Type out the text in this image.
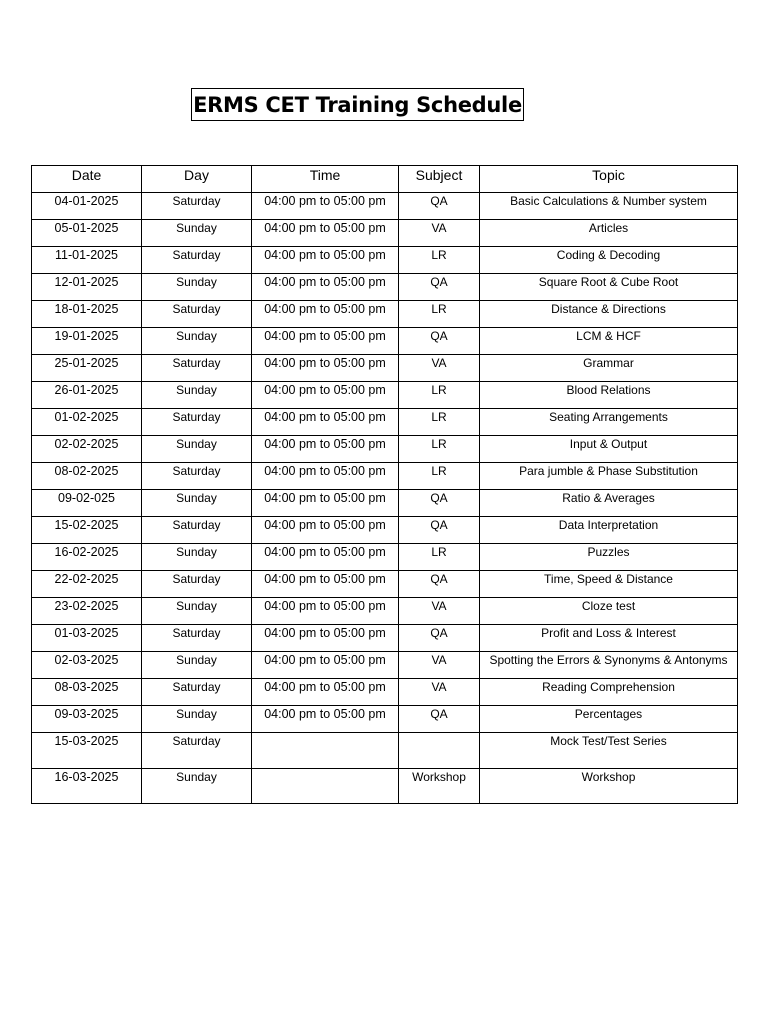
ERMS CET Training Schedule
Date	Day	Time	Subject	Topic
04-01-2025	Saturday	04:00 pm to 05:00 pm	QA	Basic Calculations & Number system
05-01-2025	Sunday	04:00 pm to 05:00 pm	VA	Articles
11-01-2025	Saturday	04:00 pm to 05:00 pm	LR	Coding & Decoding
12-01-2025	Sunday	04:00 pm to 05:00 pm	QA	Square Root & Cube Root
18-01-2025	Saturday	04:00 pm to 05:00 pm	LR	Distance & Directions
19-01-2025	Sunday	04:00 pm to 05:00 pm	QA	LCM & HCF
25-01-2025	Saturday	04:00 pm to 05:00 pm	VA	Grammar
26-01-2025	Sunday	04:00 pm to 05:00 pm	LR	Blood Relations
01-02-2025	Saturday	04:00 pm to 05:00 pm	LR	Seating Arrangements
02-02-2025	Sunday	04:00 pm to 05:00 pm	LR	Input & Output
08-02-2025	Saturday	04:00 pm to 05:00 pm	LR	Para jumble & Phase Substitution
09-02-025	Sunday	04:00 pm to 05:00 pm	QA	Ratio & Averages
15-02-2025	Saturday	04:00 pm to 05:00 pm	QA	Data Interpretation
16-02-2025	Sunday	04:00 pm to 05:00 pm	LR	Puzzles
22-02-2025	Saturday	04:00 pm to 05:00 pm	QA	Time, Speed & Distance
23-02-2025	Sunday	04:00 pm to 05:00 pm	VA	Cloze test
01-03-2025	Saturday	04:00 pm to 05:00 pm	QA	Profit and Loss & Interest
02-03-2025	Sunday	04:00 pm to 05:00 pm	VA	Spotting the Errors & Synonyms & Antonyms
08-03-2025	Saturday	04:00 pm to 05:00 pm	VA	Reading Comprehension
09-03-2025	Sunday	04:00 pm to 05:00 pm	QA	Percentages
15-03-2025	Saturday			Mock Test/Test Series
16-03-2025	Sunday		Workshop	Workshop
